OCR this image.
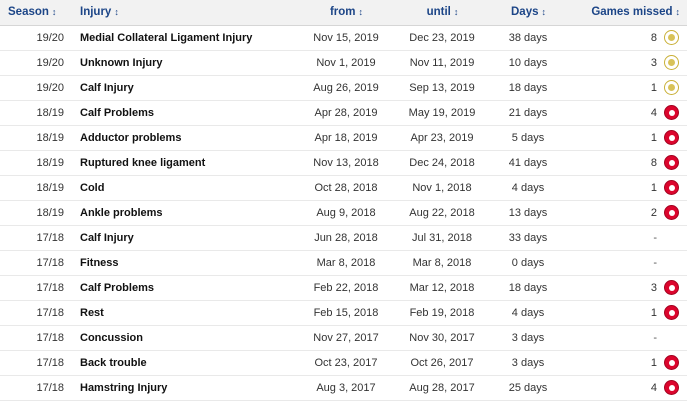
Season ↕	Injury ↕	from ↕	until ↕	Days ↕	Games missed ↕

19/20	Medial Collateral Ligament Injury	Nov 15, 2019	Dec 23, 2019	38 days	8

19/20	Unknown Injury	Nov 1, 2019	Nov 11, 2019	10 days	3

19/20	Calf Injury	Aug 26, 2019	Sep 13, 2019	18 days	1

18/19	Calf Problems	Apr 28, 2019	May 19, 2019	21 days	4

18/19	Adductor problems	Apr 18, 2019	Apr 23, 2019	5 days	1

18/19	Ruptured knee ligament	Nov 13, 2018	Dec 24, 2018	41 days	8

18/19	Cold	Oct 28, 2018	Nov 1, 2018	4 days	1

18/19	Ankle problems	Aug 9, 2018	Aug 22, 2018	13 days	2

17/18	Calf Injury	Jun 28, 2018	Jul 31, 2018	33 days	-

17/18	Fitness	Mar 8, 2018	Mar 8, 2018	0 days	-

17/18	Calf Problems	Feb 22, 2018	Mar 12, 2018	18 days	3

17/18	Rest	Feb 15, 2018	Feb 19, 2018	4 days	1

17/18	Concussion	Nov 27, 2017	Nov 30, 2017	3 days	-

17/18	Back trouble	Oct 23, 2017	Oct 26, 2017	3 days	1

17/18	Hamstring Injury	Aug 3, 2017	Aug 28, 2017	25 days	4
